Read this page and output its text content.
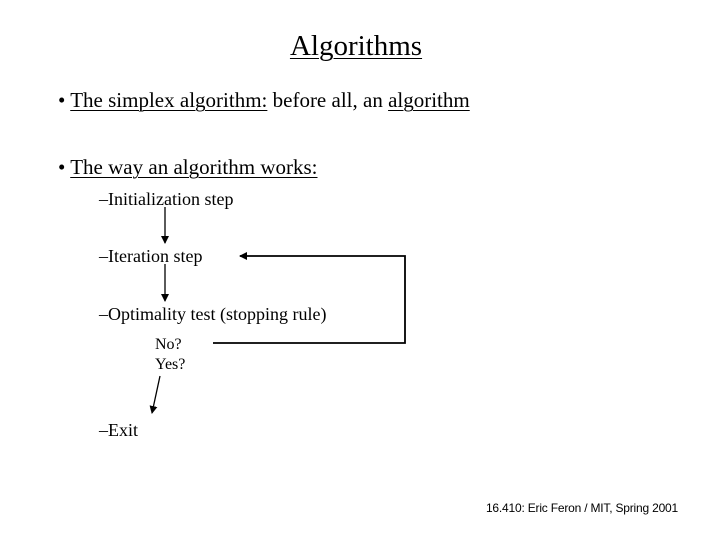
Algorithms
• The simplex algorithm: before all, an algorithm
• The way an algorithm works:
–Initialization step
–Iteration step
–Optimality test (stopping rule)
No?
Yes?
–Exit
16.410: Eric Feron / MIT, Spring 2001
